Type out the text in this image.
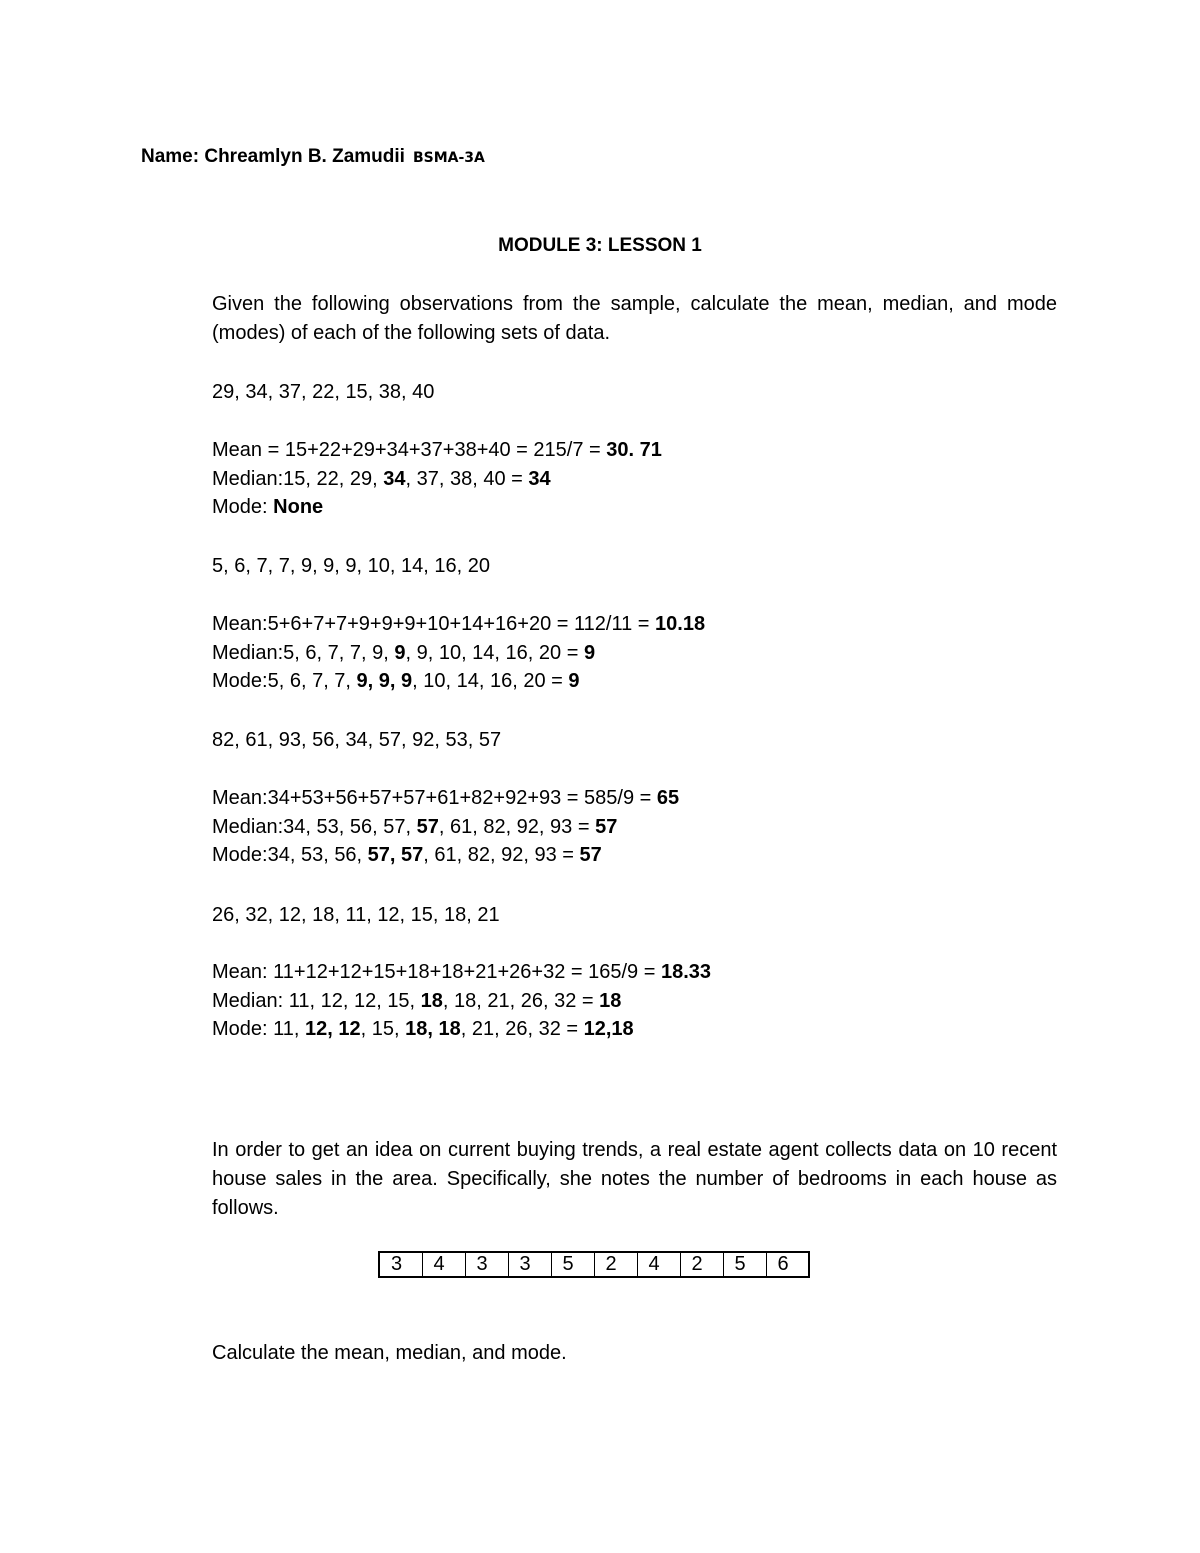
Name: Chreamlyn B. Zamudii BSMA-3A
MODULE 3: LESSON 1
Given the following observations from the sample, calculate the mean, median, and mode (modes) of each of the following sets of data.
29, 34, 37, 22, 15, 38, 40
Mean = 15+22+29+34+37+38+40 = 215/7 = 30. 71
Median:15, 22, 29, 34, 37, 38, 40 = 34
Mode: None
5, 6, 7, 7, 9, 9, 9, 10, 14, 16, 20
Mean:5+6+7+7+9+9+9+10+14+16+20 = 112/11 = 10.18
Median:5, 6, 7, 7, 9, 9, 9, 10, 14, 16, 20 = 9
Mode:5, 6, 7, 7, 9, 9, 9, 10, 14, 16, 20 = 9
82, 61, 93, 56, 34, 57, 92, 53, 57
Mean:34+53+56+57+57+61+82+92+93 = 585/9 = 65
Median:34, 53, 56, 57, 57, 61, 82, 92, 93 = 57
Mode:34, 53, 56, 57, 57, 61, 82, 92, 93 = 57
26, 32, 12, 18, 11, 12, 15, 18, 21
Mean: 11+12+12+15+18+18+21+26+32 = 165/9 = 18.33
Median: 11, 12, 12, 15, 18, 18, 21, 26, 32 = 18
Mode: 11, 12, 12, 15, 18, 18, 21, 26, 32 = 12,18
In order to get an idea on current buying trends, a real estate agent collects data on 10 recent house sales in the area. Specifically, she notes the number of bedrooms in each house as follows.
3	4	3	3	5	2	4	2	5	6
Calculate the mean, median, and mode.
